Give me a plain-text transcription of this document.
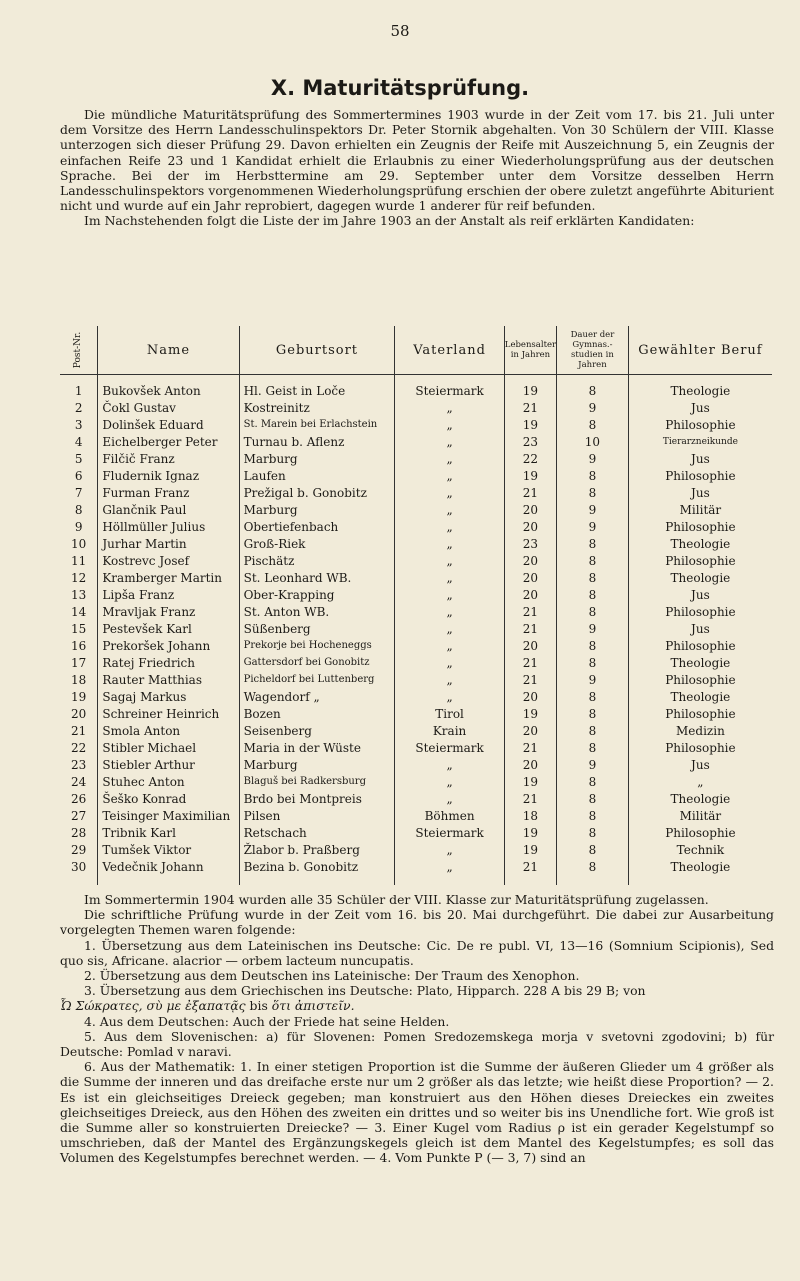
58
X. Maturitätsprüfung.

Die mündliche Maturitätsprüfung des Sommertermines 1903 wurde in der Zeit vom 17. bis 21. Juli unter dem Vorsitze des Herrn Landesschulinspektors Dr. Peter Stornik abgehalten. Von 30 Schülern der VIII. Klasse unterzogen sich dieser Prüfung 29. Davon erhielten ein Zeugnis der Reife mit Auszeichnung 5, ein Zeugnis der einfachen Reife 23 und 1 Kandidat erhielt die Erlaubnis zu einer Wiederholungsprüfung aus der deutschen Sprache. Bei der im Herbsttermine am 29. September unter dem Vorsitze desselben Herrn Landesschulinspektors vorgenommenen Wiederholungsprüfung erschien der obere zuletzt angeführte Abiturient nicht und wurde auf ein Jahr reprobiert, dagegen wurde 1 anderer für reif befunden.

Im Nachstehenden folgt die Liste der im Jahre 1903 an der Anstalt als reif erklärten Kandidaten:

Post-Nr.	Name	Geburtsort	Vaterland	Lebensalter in Jahren	Dauer der Gymnas.-studien in Jahren	Gewählter Beruf

1	Bukovšek Anton	Hl. Geist in Loče	Steiermark	19	8	Theologie
2	Čokl Gustav	Kostreinitz	„	21	9	Jus
3	Dolinšek Eduard	St. Marein bei Erlachstein	„	19	8	Philosophie
4	Eichelberger Peter	Turnau b. Aflenz	„	23	10	Tierarzneikunde
5	Filčič Franz	Marburg	„	22	9	Jus
6	Fludernik Ignaz	Laufen	„	19	8	Philosophie
7	Furman Franz	Prežigal b. Gonobitz	„	21	8	Jus
8	Glančnik Paul	Marburg	„	20	9	Militär
9	Höllmüller Julius	Obertiefenbach	„	20	9	Philosophie
10	Jurhar Martin	Groß-Riek	„	23	8	Theologie
11	Kostrevc Josef	Pischätz	„	20	8	Philosophie
12	Kramberger Martin	St. Leonhard WB.	„	20	8	Theologie
13	Lipša Franz	Ober-Krapping	„	20	8	Jus
14	Mravljak Franz	St. Anton WB.	„	21	8	Philosophie
15	Pestevšek Karl	Süßenberg	„	21	9	Jus
16	Prekoršek Johann	Prekorje bei Hocheneggs	„	20	8	Philosophie
17	Ratej Friedrich	Gattersdorf bei Gonobitz	„	21	8	Theologie
18	Rauter Matthias	Picheldorf bei Luttenberg	„	21	9	Philosophie
19	Sagaj Markus	Wagendorf „	„	20	8	Theologie
20	Schreiner Heinrich	Bozen	Tirol	19	8	Philosophie
21	Smola Anton	Seisenberg	Krain	20	8	Medizin
22	Stibler Michael	Maria in der Wüste	Steiermark	21	8	Philosophie
23	Stiebler Arthur	Marburg	„	20	9	Jus
24	Stuhec Anton	Blaguš bei Radkersburg	„	19	8	„
26	Šeško Konrad	Brdo bei Montpreis	„	21	8	Theologie
27	Teisinger Maximilian	Pilsen	Böhmen	18	8	Militär
28	Tribnik Karl	Retschach	Steiermark	19	8	Philosophie
29	Tumšek Viktor	Žlabor b. Praßberg	„	19	8	Technik
30	Vedečnik Johann	Bezina b. Gonobitz	„	21	8	Theologie

Im Sommertermin 1904 wurden alle 35 Schüler der VIII. Klasse zur Maturitätsprüfung zugelassen.

Die schriftliche Prüfung wurde in der Zeit vom 16. bis 20. Mai durchgeführt. Die dabei zur Ausarbeitung vorgelegten Themen waren folgende:

1. Übersetzung aus dem Lateinischen ins Deutsche: Cic. De re publ. VI, 13—16 (Somnium Scipionis), Sed quo sis, Africane. alacrior — orbem lacteum nuncupatis.

2. Übersetzung aus dem Deutschen ins Lateinische: Der Traum des Xenophon.

3. Übersetzung aus dem Griechischen ins Deutsche: Plato, Hipparch. 228 A bis 29 B; von

Ὦ Σώκρατες, σὺ με ἐξαπατᾷς bis ὅτι ἀπιστεῖν.

4. Aus dem Deutschen: Auch der Friede hat seine Helden.

5. Aus dem Slovenischen: a) für Slovenen: Pomen Sredozemskega morja v svetovni zgodovini; b) für Deutsche: Pomlad v naravi.

6. Aus der Mathematik: 1. In einer stetigen Proportion ist die Summe der äußeren Glieder um 4 größer als die Summe der inneren und das dreifache erste nur um 2 größer als das letzte; wie heißt diese Proportion? — 2. Es ist ein gleichseitiges Dreieck gegeben; man konstruiert aus den Höhen dieses Dreieckes ein zweites gleichseitiges Dreieck, aus den Höhen des zweiten ein drittes und so weiter bis ins Unendliche fort. Wie groß ist die Summe aller so konstruierten Dreiecke? — 3. Einer Kugel vom Radius ρ ist ein gerader Kegelstumpf so umschrieben, daß der Mantel des Ergänzungskegels gleich ist dem Mantel des Kegelstumpfes; es soll das Volumen des Kegelstumpfes berechnet werden. — 4. Vom Punkte P (— 3, 7) sind an
